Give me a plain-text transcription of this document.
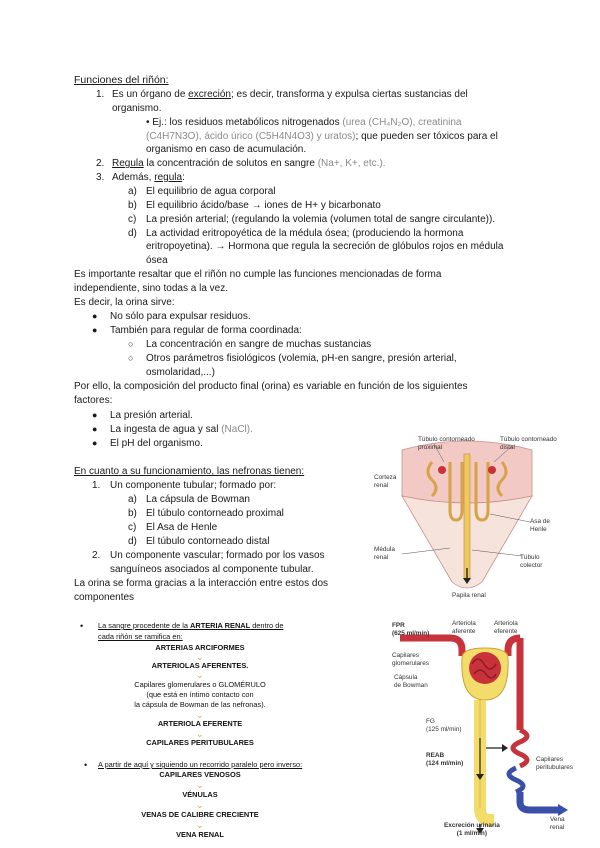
Funciones del riñón:
1. Es un órgano de excreción; es decir, transforma y expulsa ciertas sustancias del
organismo.
• Ej.: los residuos metabólicos nitrogenados (urea (CH₄N₂O), creatinina
(C4H7N3O), ácido úrico (C5H4N4O3) y uratos); que pueden ser tóxicos para el
organismo en caso de acumulación.
2. Regula la concentración de solutos en sangre (Na+, K+, etc.).
3. Además, regula:
a) El equilibrio de agua corporal
b) El equilibrio ácido/base → iones de H+ y bicarbonato
c) La presión arterial; (regulando la volemia (volumen total de sangre circulante)).
d) La actividad eritropoyética de la médula ósea; (produciendo la hormona
eritropoyetina). → Hormona que regula la secreción de glóbulos rojos en médula
ósea
Es importante resaltar que el riñón no cumple las funciones mencionadas de forma
independiente, sino todas a la vez.
Es decir, la orina sirve:
● No sólo para expulsar residuos.
● También para regular de forma coordinada:
○ La concentración en sangre de muchas sustancias
○ Otros parámetros fisiológicos (volemia, pH-en sangre, presión arterial,
osmolaridad,...)
Por ello, la composición del producto final (orina) es variable en función de los siguientes
factores:
● La presión arterial.
● La ingesta de agua y sal (NaCl).
● El pH del organismo.
En cuanto a su funcionamiento, las nefronas tienen:
1. Un componente tubular; formado por:
a) La cápsula de Bowman
b) El túbulo contorneado proximal
c) El Asa de Henle
d) El túbulo contorneado distal
2. Un componente vascular; formado por los vasos
sanguíneos asociados al componente tubular.
La orina se forma gracias a la interacción entre estos dos
componentes
Túbulo contorneado
proximal
Túbulo contorneado
distal
Corteza
renal
Asa de
Henle
Médula
renal	Túbulo
colector
Papila renal
• La sangre procedente de la ARTERIA RENAL dentro de
cada riñón se ramifica en:
ARTERIAS ARCIFORMES
⌄
ARTERIOLAS AFERENTES.
⌄
Capilares glomerulares o GLOMÉRULO
(que está en íntimo contacto con
la cápsula de Bowman de las nefronas).
⌄
ARTERIOLA EFERENTE
⌄
CAPILARES PERITUBULARES
• A partir de aquí y siguiendo un recorrido paralelo pero inverso:
CAPILARES VENOSOS
⌄
VÉNULAS
⌄
VENAS DE CALIBRE CRECIENTE
⌄
VENA RENAL
FPR
(625 ml/min)
Arteriola
aferente
Arteriola
eferente
Capilares
glomerulares
Cápsula
de Bowman
FG
(125 ml/min)
REAB
(124 ml/min)	Capilares
peritubulares
Vena
renal
Excreción urinaria
(1 ml/min)
